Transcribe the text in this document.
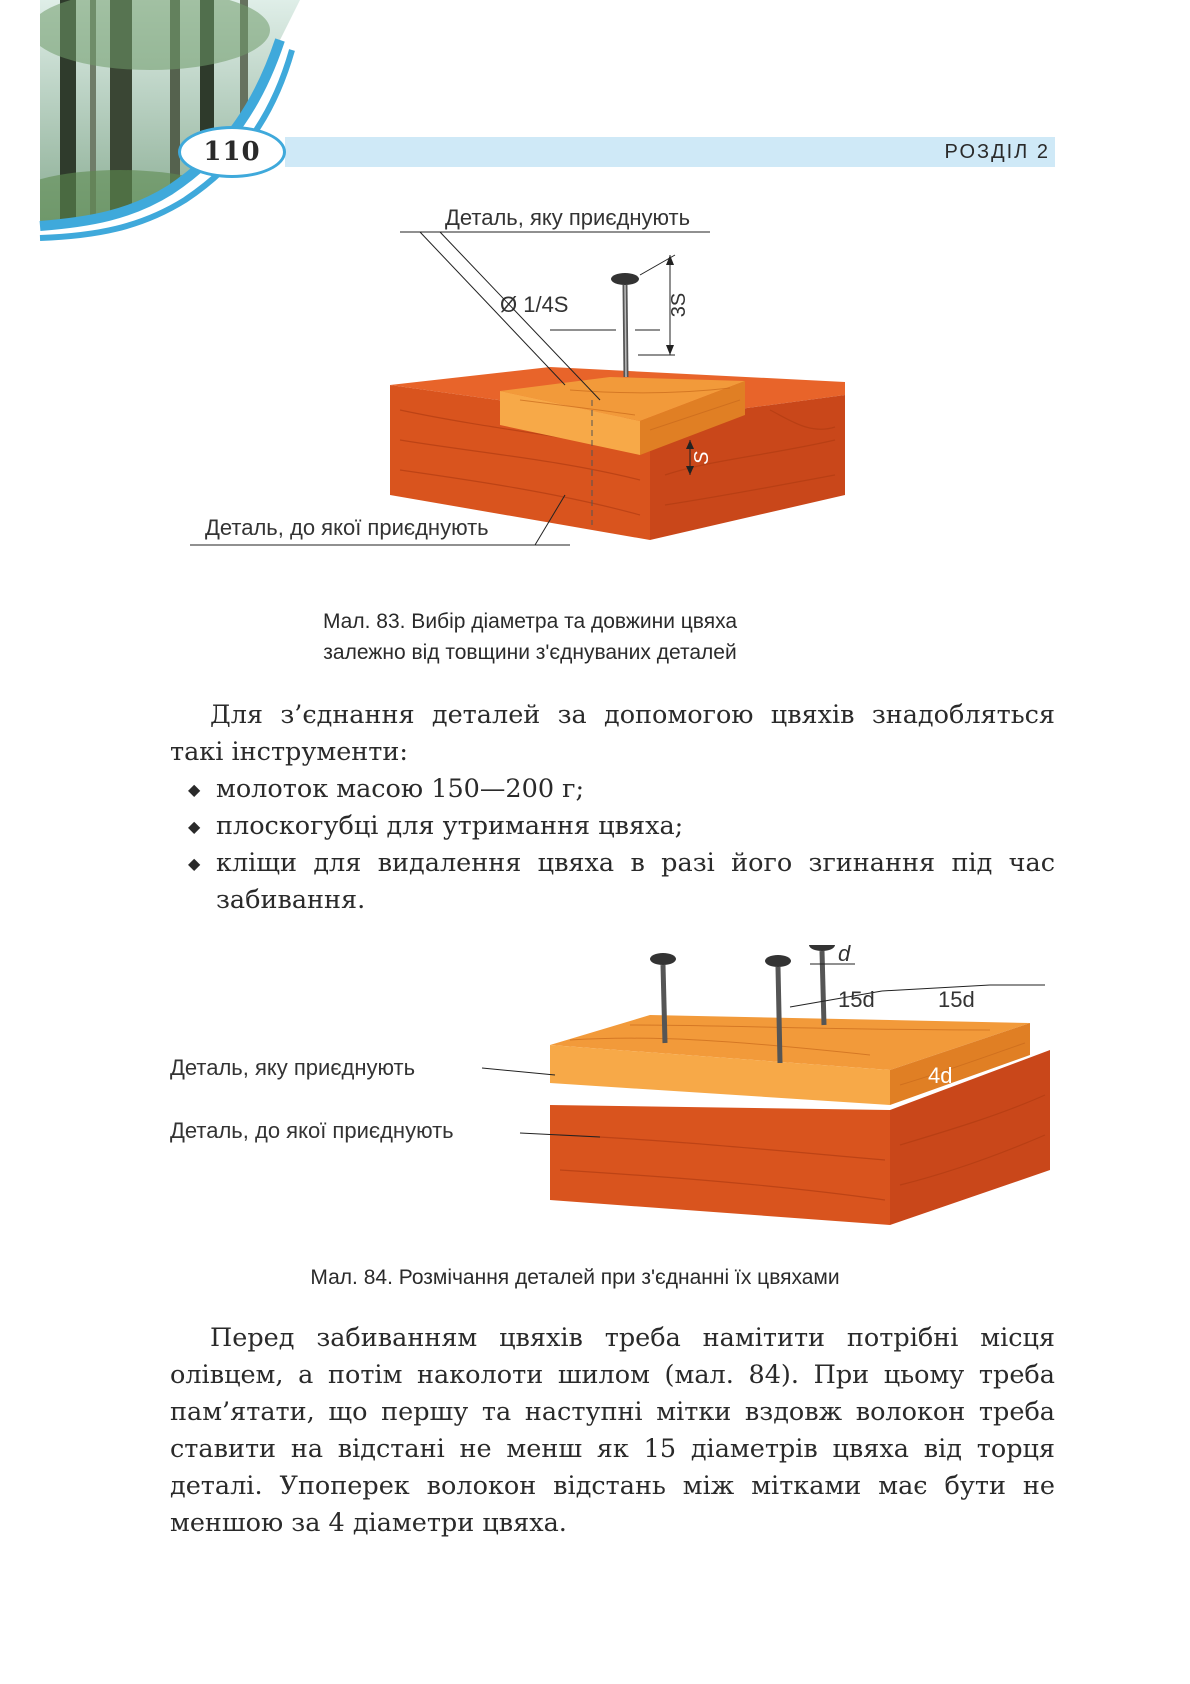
110	РОЗДІЛ 2
3S
S
Ø 1/4S
Деталь, яку приєднують
Деталь, до якої приєднують
Мал. 83. Вибір діаметра та довжини цвяха
залежно від товщини з'єднуваних деталей
Для з’єднання деталей за допомогою цвяхів знадобляться такі інструменти:
◆ молоток масою 150—200 г;
◆ плоскогубці для утримання цвяха;
◆ кліщи для видалення цвяха в разі його згинання під час забивання.
d
15d	15d
4d
Деталь, яку приєднують
Деталь, до якої приєднують
Мал. 84. Розмічання деталей при з'єднанні їх цвяхами
Перед забиванням цвяхів треба намітити потрібні місця олівцем, а потім наколоти шилом (мал. 84). При цьому треба пам’ятати, що першу та наступні мітки вздовж волокон треба ставити на відстані не менш як 15 діаметрів цвяха від торця деталі. Упоперек волокон відстань між мітками має бути не меншою за 4 діаметри цвяха.
